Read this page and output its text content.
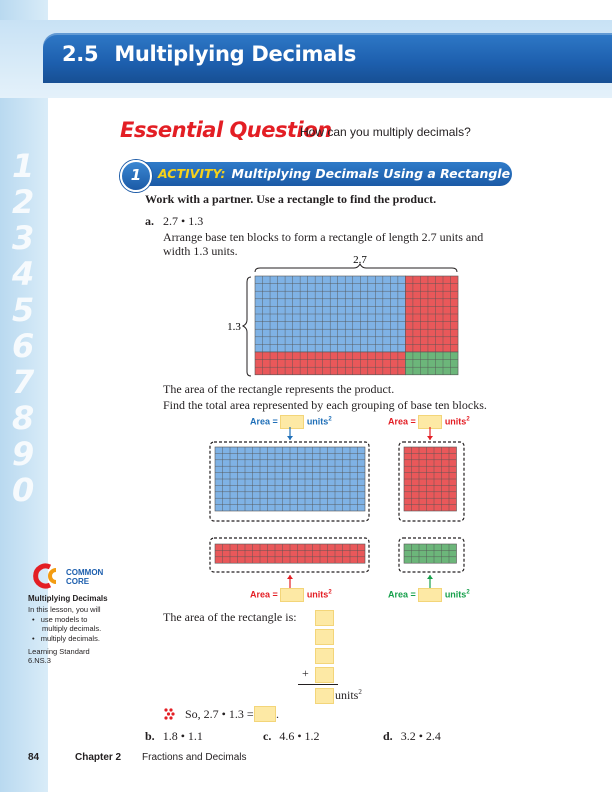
1
2
3
4
5
6
7
8
9
0
2.5 Multiplying Decimals
Essential Question
How can you multiply decimals?
1	ACTIVITY: Multiplying Decimals Using a Rectangle
Work with a partner. Use a rectangle to find the product.
a. 2.7 • 1.3
Arrange base ten blocks to form a rectangle of length 2.7 units and
width 1.3 units.
2.7
1.3
The area of the rectangle represents the product.
Find the total area represented by each grouping of base ten blocks.
Area =	units$^2$	Area =	units$^2$
Area =	units$^2$	Area =	units$^2$
The area of the rectangle is:
+
units$^2$
So, 2.7 • 1.3 = .
b. 1.8 • 1.1	c. 4.6 • 1.2	d. 3.2 • 2.4
COMMON
CORE
Multiplying Decimals
In this lesson, you will
• use models to
multiply decimals.
• multiply decimals.
Learning Standard
6.NS.3
84	Chapter 2 Fractions and Decimals
